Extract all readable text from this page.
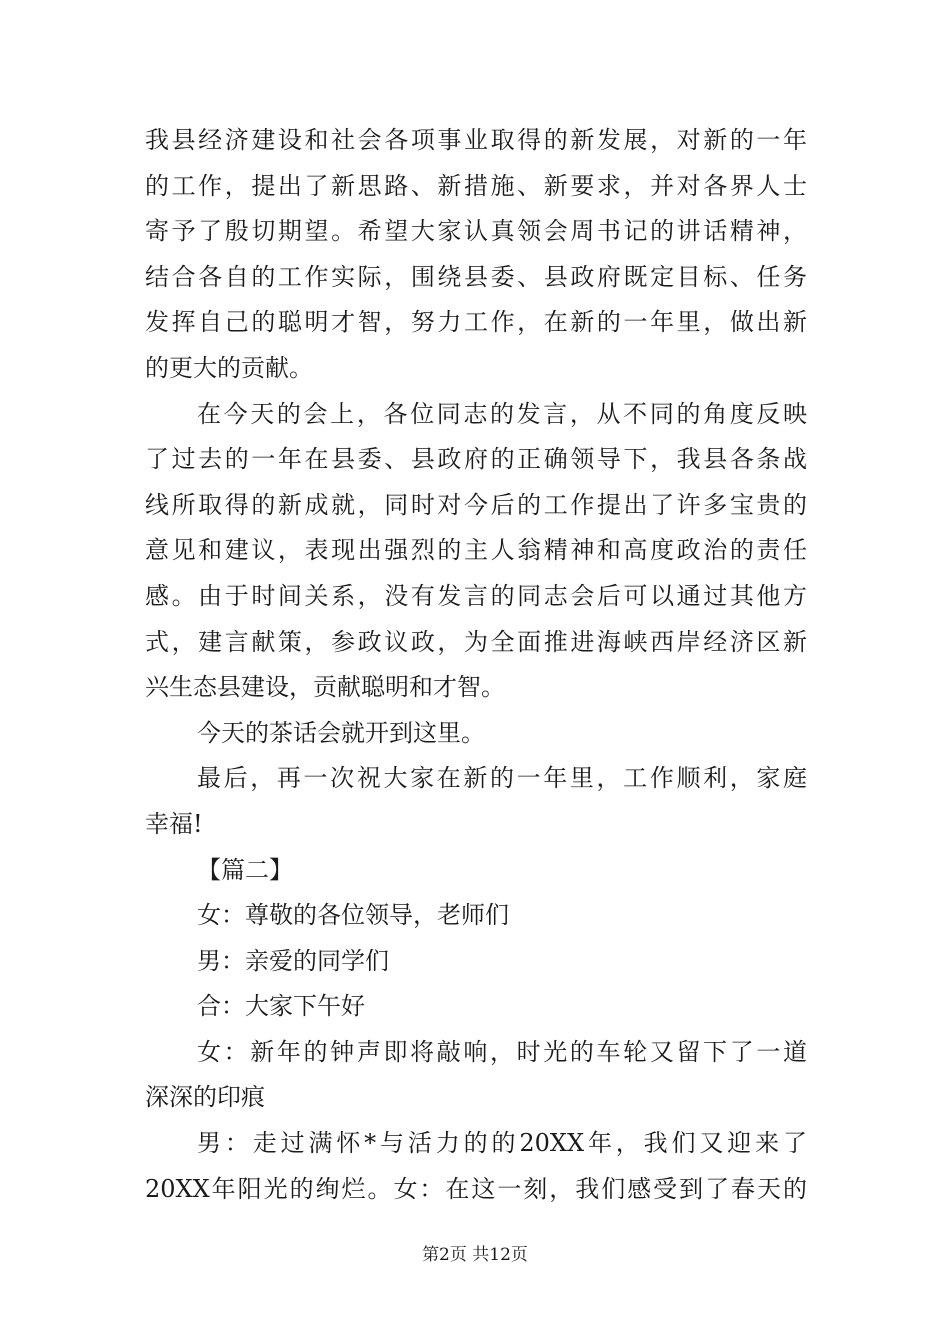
我县经济建设和社会各项事业取得的新发展，对新的一年
的工作，提出了新思路、新措施、新要求，并对各界人士
寄予了殷切期望。希望大家认真领会周书记的讲话精神，
结合各自的工作实际，围绕县委、县政府既定目标、任务
发挥自己的聪明才智，努力工作，在新的一年里，做出新
的更大的贡献。
在今天的会上，各位同志的发言，从不同的角度反映
了过去的一年在县委、县政府的正确领导下，我县各条战
线所取得的新成就，同时对今后的工作提出了许多宝贵的
意见和建议，表现出强烈的主人翁精神和高度政治的责任
感。由于时间关系，没有发言的同志会后可以通过其他方
式，建言献策，参政议政，为全面推进海峡西岸经济区新
兴生态县建设，贡献聪明和才智。
今天的茶话会就开到这里。
最后，再一次祝大家在新的一年里，工作顺利，家庭
幸福!
【篇二】
女：尊敬的各位领导，老师们
男：亲爱的同学们
合：大家下午好
女：新年的钟声即将敲响，时光的车轮又留下了一道
深深的印痕
男：走过满怀*与活力的的20XX年，我们又迎来了
20XX年阳光的绚烂。女：在这一刻，我们感受到了春天的
第2页 共12页
